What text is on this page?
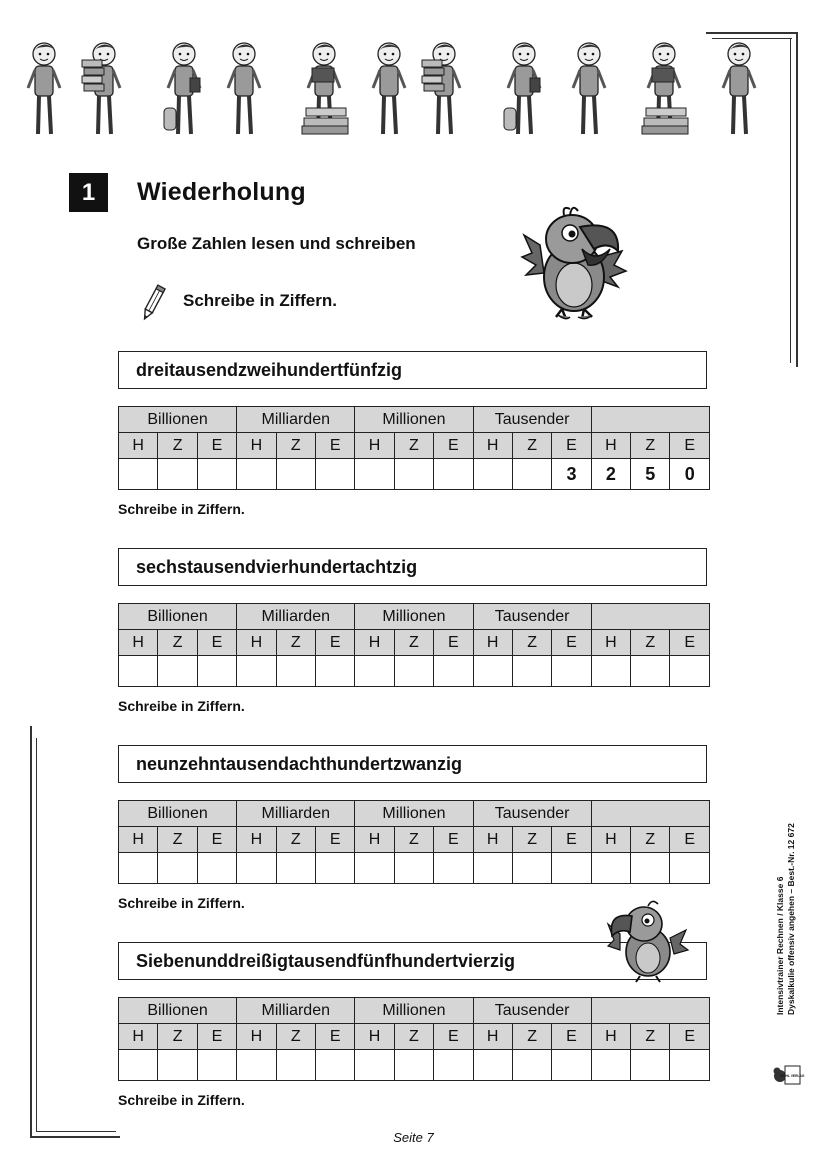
1	Wiederholung
Große Zahlen lesen und schreiben
Schreibe in Ziffern.
dreitausendzweihundertfünfzig
Billionen			Milliarden			Millionen			Tausender					
H	Z	E	H	Z	E	H	Z	E	H	Z	E	H	Z	E
											3	2	5	0
Schreibe in Ziffern.
sechstausendvierhundertachtzig
Billionen			Milliarden			Millionen			Tausender					
H	Z	E	H	Z	E	H	Z	E	H	Z	E	H	Z	E

Schreibe in Ziffern.
neunzehntausendachthundertzwanzig
Billionen			Milliarden			Millionen			Tausender					
H	Z	E	H	Z	E	H	Z	E	H	Z	E	H	Z	E

Schreibe in Ziffern.
Siebenunddreißigtausendfünfhundertvierzig
Billionen			Milliarden			Millionen			Tausender					
H	Z	E	H	Z	E	H	Z	E	H	Z	E	H	Z	E

Schreibe in Ziffern.
Intensivtrainer Rechnen / Klasse 6 Dyskalkulie offensiv angehen – Best.-Nr. 12 672
KOHL VERLAG
Seite 7
